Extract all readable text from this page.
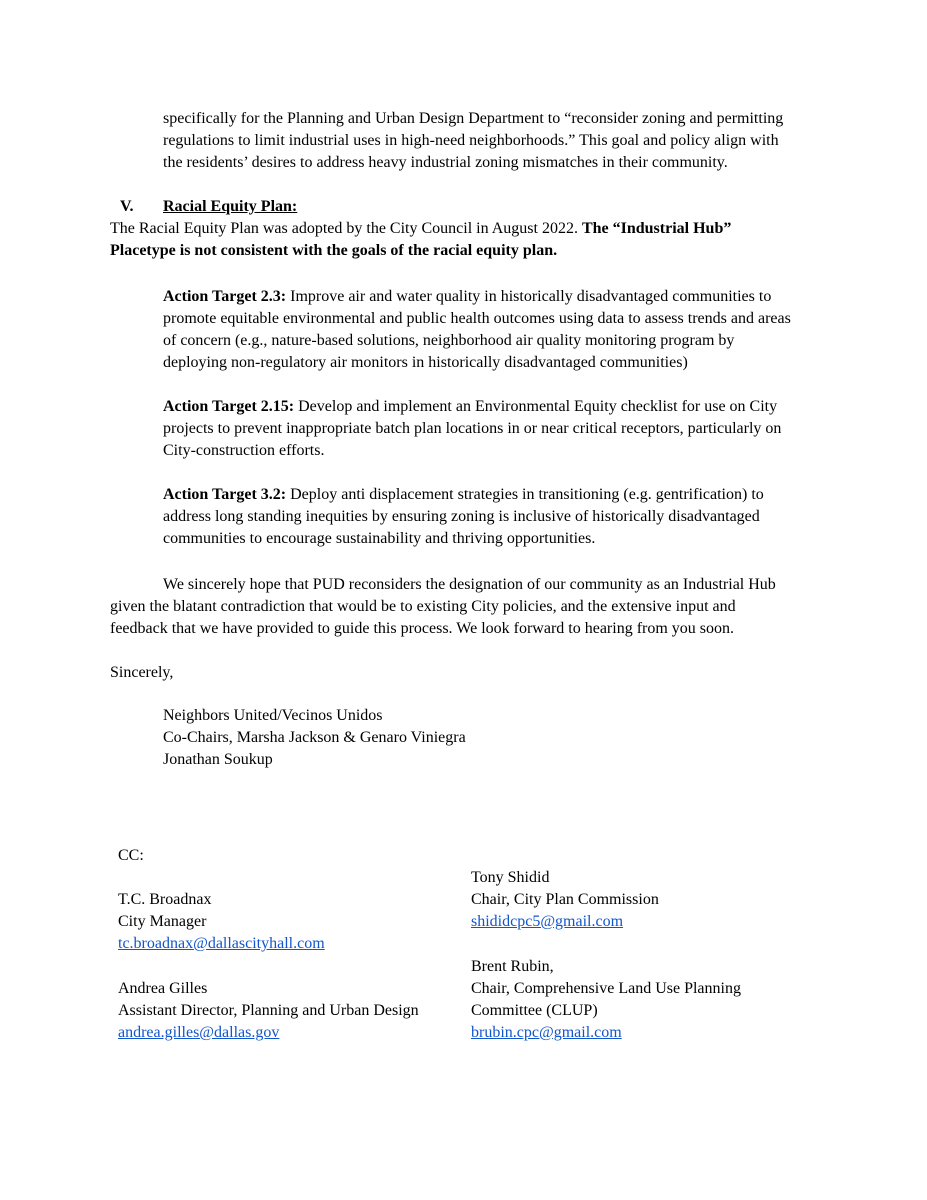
specifically for the Planning and Urban Design Department to “reconsider zoning and permitting
regulations to limit industrial uses in high-need neighborhoods.” This goal and policy align with
the residents’ desires to address heavy industrial zoning mismatches in their community.
V. Racial Equity Plan:
The Racial Equity Plan was adopted by the City Council in August 2022. The “Industrial Hub”
Placetype is not consistent with the goals of the racial equity plan.
Action Target 2.3: Improve air and water quality in historically disadvantaged communities to
promote equitable environmental and public health outcomes using data to assess trends and areas
of concern (e.g., nature-based solutions, neighborhood air quality monitoring program by
deploying non-regulatory air monitors in historically disadvantaged communities)
Action Target 2.15: Develop and implement an Environmental Equity checklist for use on City
projects to prevent inappropriate batch plan locations in or near critical receptors, particularly on
City-construction efforts.
Action Target 3.2: Deploy anti displacement strategies in transitioning (e.g. gentrification) to
address long standing inequities by ensuring zoning is inclusive of historically disadvantaged
communities to encourage sustainability and thriving opportunities.
We sincerely hope that PUD reconsiders the designation of our community as an Industrial Hub
given the blatant contradiction that would be to existing City policies, and the extensive input and
feedback that we have provided to guide this process. We look forward to hearing from you soon.
Sincerely,
Neighbors United/Vecinos Unidos
Co-Chairs, Marsha Jackson & Genaro Viniegra
Jonathan Soukup
CC:
T.C. Broadnax
City Manager
tc.broadnax@dallascityhall.com
Andrea Gilles
Assistant Director, Planning and Urban Design
andrea.gilles@dallas.gov
Tony Shidid
Chair, City Plan Commission
shididcpc5@gmail.com
Brent Rubin,
Chair, Comprehensive Land Use Planning
Committee (CLUP)
brubin.cpc@gmail.com
